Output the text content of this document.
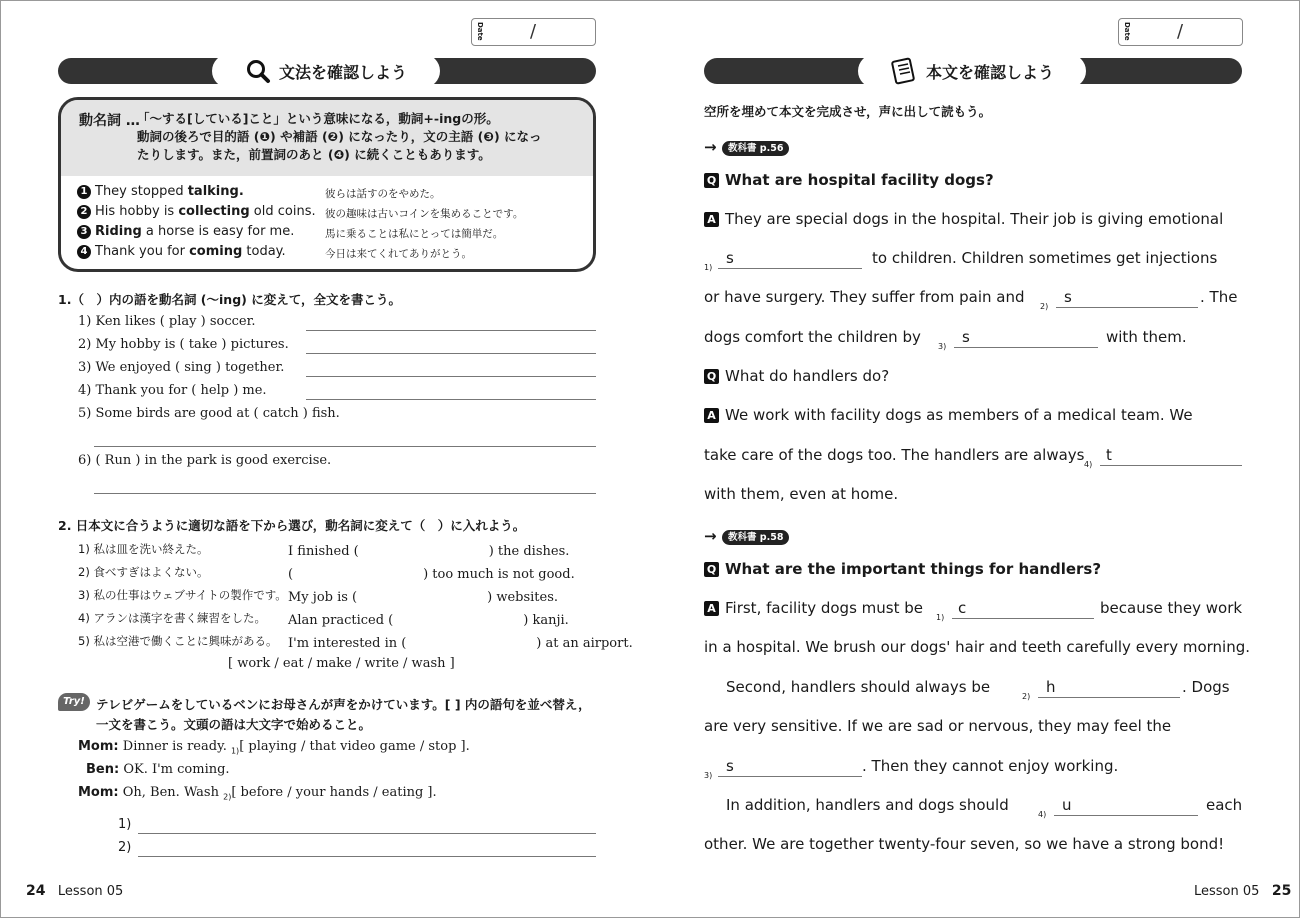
Date	/
文法を確認しよう
動名詞 …
「〜する[している]こと」という意味になる，動詞+-ingの形。
動詞の後ろで目的語 (❶) や補語 (❷) になったり，文の主語 (❸) になっ
たりします。また，前置詞のあと (❹) に続くこともあります。
1 They stopped talking.	彼らは話すのをやめた。
2 His hobby is collecting old coins. 彼の趣味は古いコインを集めることです。
3 Riding a horse is easy for me.	馬に乗ることは私にとっては簡単だ。
4 Thank you for coming today.	今日は来てくれてありがとう。
1.（　）内の語を動名詞 (〜ing) に変えて，全文を書こう。
1) Ken likes ( play ) soccer.
2) My hobby is ( take ) pictures.
3) We enjoyed ( sing ) together.
4) Thank you for ( help ) me.
5) Some birds are good at ( catch ) fish.
6) ( Run ) in the park is good exercise.
2. 日本文に合うように適切な語を下から選び，動名詞に変えて（　）に入れよう。
1) 私は皿を洗い終えた。	I finished (　　　　　　　　　　) the dishes.
2) 食べすぎはよくない。	(　　　　　　　　　　) too much is not good.
3) 私の仕事はウェブサイトの製作です。 My job is (　　　　　　　　　　) websites.
4) アランは漢字を書く練習をした。 Alan practiced (　　　　　　　　　　) kanji.
5) 私は空港で働くことに興味がある。 I'm interested in (　　　　　　　　　　) at an airport.
[ work / eat / make / write / wash ]
Try! テレビゲームをしているベンにお母さんが声をかけています。[ ] 内の語句を並べ替え，
一文を書こう。文頭の語は大文字で始めること。
Mom: Dinner is ready. $_{1)}$[ playing / that video game / stop ].
Ben: OK. I'm coming.
Mom: Oh, Ben. Wash $_{2)}$[ before / your hands / eating ].
1)
2)
24 Lesson 05
Date	/
本文を確認しよう
空所を埋めて本文を完成させ，声に出して読もう。
→	教科書 p.56
Q What are hospital facility dogs?
A They are special dogs in the hospital. Their job is giving emotional
1)
s	to children. Children sometimes get injections
or have surgery. They suffer from pain and
2)
s	. The
dogs comfort the children by
3)
s	with them.
Q What do handlers do?
A We work with facility dogs as members of a medical team. We
take care of the dogs too. The handlers are always
4)
t
with them, even at home.
→	教科書 p.58
Q What are the important things for handlers?
A First, facility dogs must be
1)
c	because they work
in a hospital. We brush our dogs' hair and teeth carefully every morning.
Second, handlers should always be
2)
h	. Dogs
are very sensitive. If we are sad or nervous, they may feel the
3)
s	. Then they cannot enjoy working.
In addition, handlers and dogs should
4)
u	each
other. We are together twenty-four seven, so we have a strong bond!
Lesson 05 25
